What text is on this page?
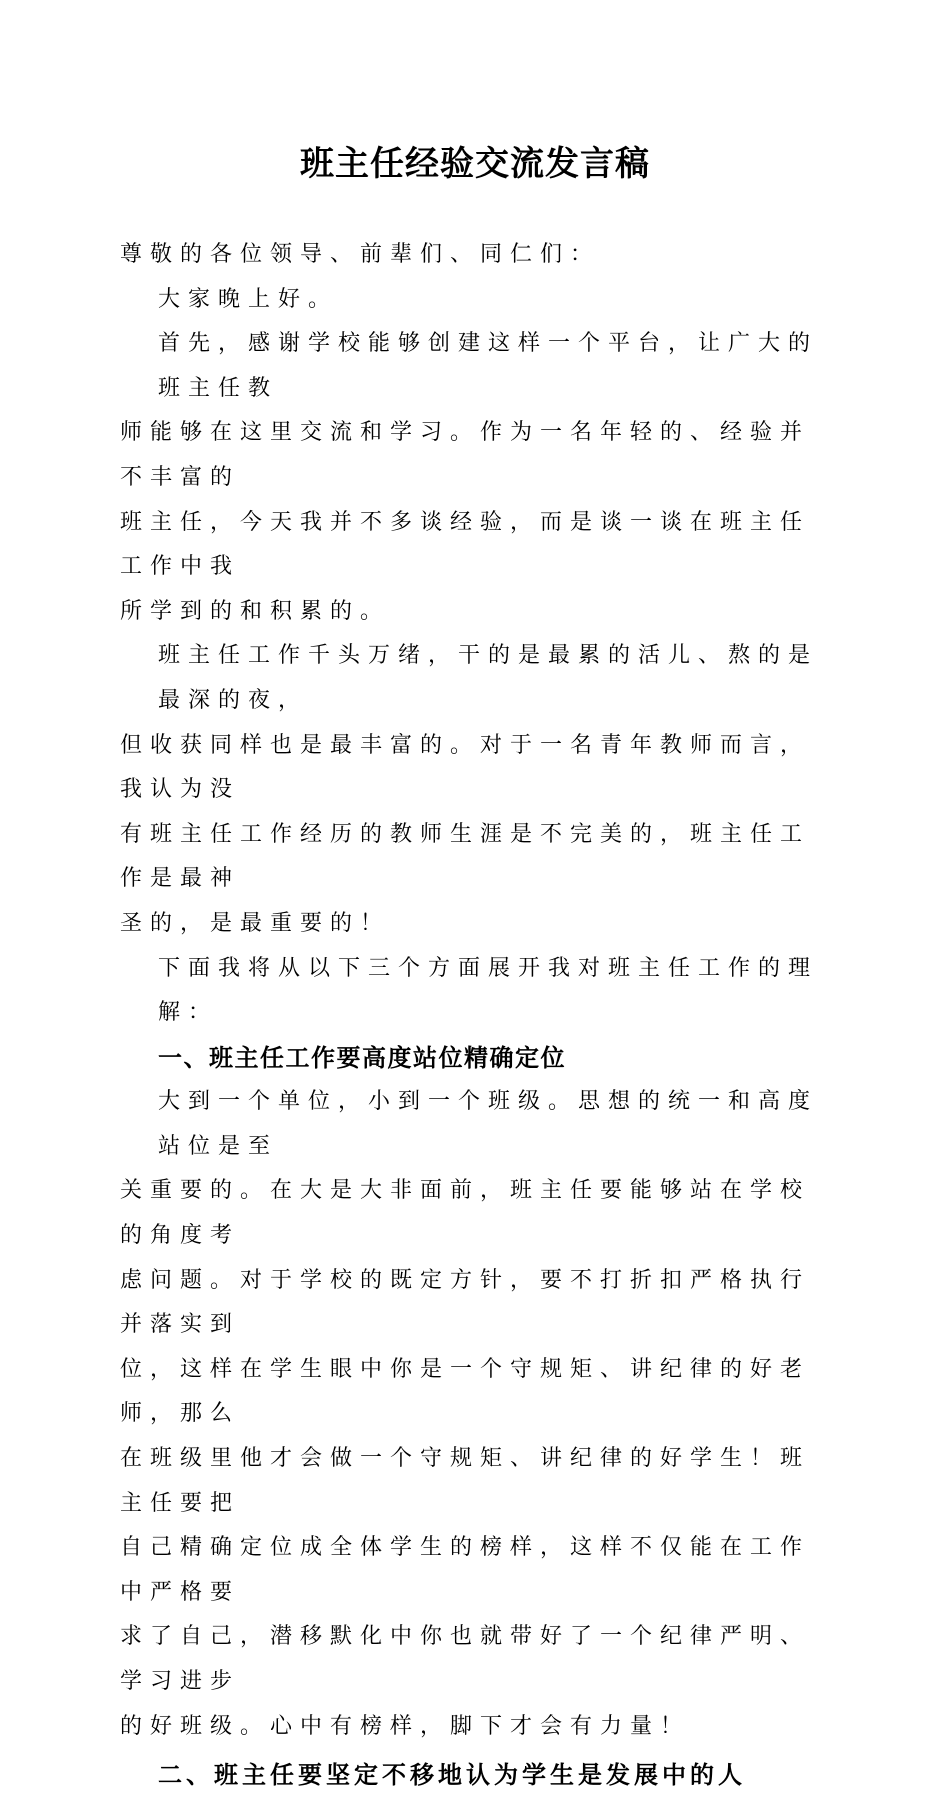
班主任经验交流发言稿
尊敬的各位领导、前辈们、同仁们：
大家晚上好。
首先，感谢学校能够创建这样一个平台，让广大的班主任教
师能够在这里交流和学习。作为一名年轻的、经验并不丰富的
班主任，今天我并不多谈经验，而是谈一谈在班主任工作中我
所学到的和积累的。
班主任工作千头万绪，干的是最累的活儿、熬的是最深的夜，
但收获同样也是最丰富的。对于一名青年教师而言，我认为没
有班主任工作经历的教师生涯是不完美的，班主任工作是最神
圣的，是最重要的！
下面我将从以下三个方面展开我对班主任工作的理解：
一、班主任工作要高度站位精确定位
大到一个单位，小到一个班级。思想的统一和高度站位是至
关重要的。在大是大非面前，班主任要能够站在学校的角度考
虑问题。对于学校的既定方针，要不打折扣严格执行并落实到
位，这样在学生眼中你是一个守规矩、讲纪律的好老师，那么
在班级里他才会做一个守规矩、讲纪律的好学生！班主任要把
自己精确定位成全体学生的榜样，这样不仅能在工作中严格要
求了自己，潜移默化中你也就带好了一个纪律严明、学习进步
的好班级。心中有榜样，脚下才会有力量！
二、班主任要坚定不移地认为学生是发展中的人
